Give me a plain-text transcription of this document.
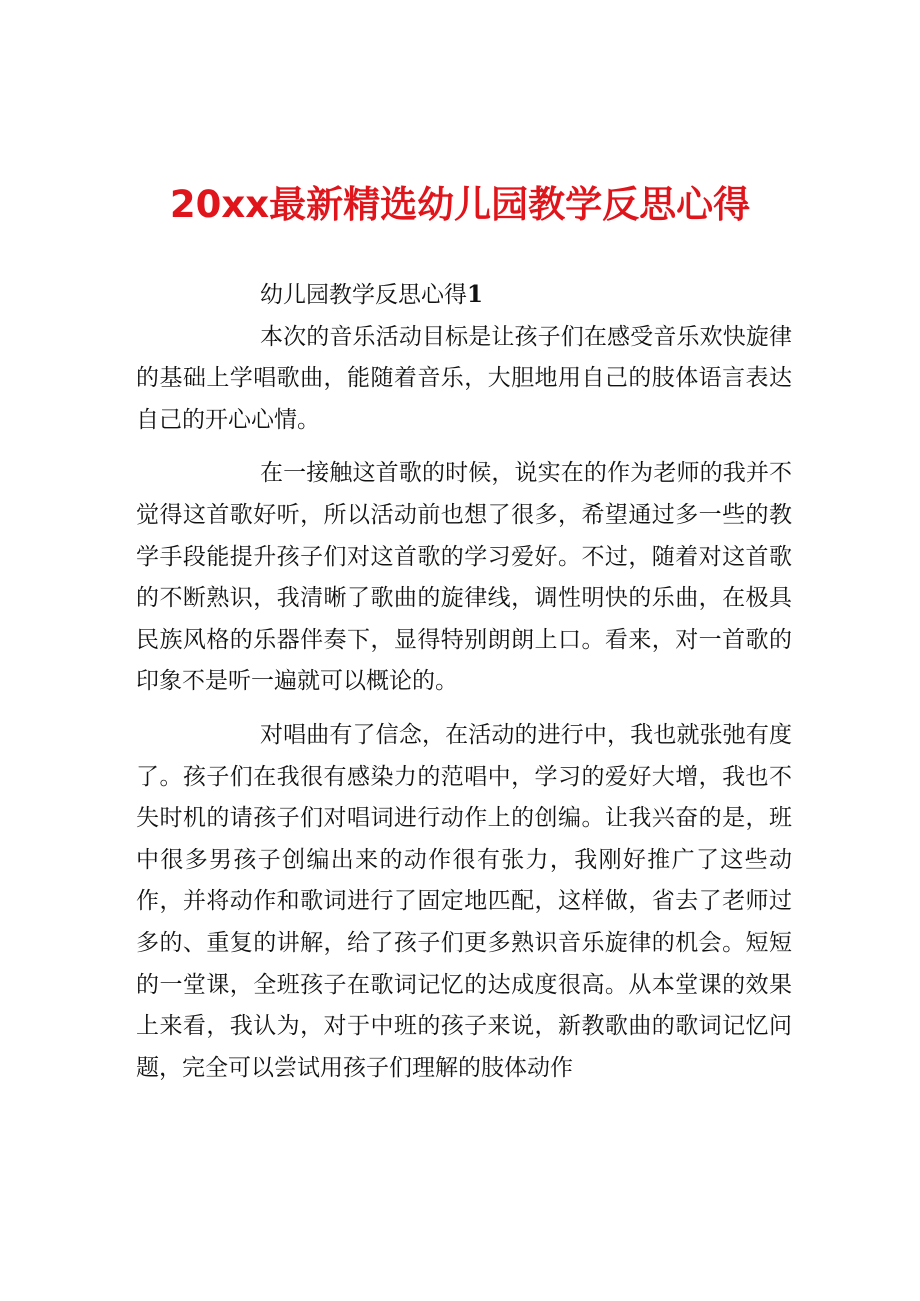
20xx最新精选幼儿园教学反思心得
幼儿园教学反思心得1

本次的音乐活动目标是让孩子们在感受音乐欢快旋律的基础上学唱歌曲，能随着音乐，大胆地用自己的肢体语言表达自己的开心心情。

在一接触这首歌的时候，说实在的作为老师的我并不觉得这首歌好听，所以活动前也想了很多，希望通过多一些的教学手段能提升孩子们对这首歌的学习爱好。不过，随着对这首歌的不断熟识，我清晰了歌曲的旋律线，调性明快的乐曲，在极具民族风格的乐器伴奏下，显得特别朗朗上口。看来，对一首歌的印象不是听一遍就可以概论的。

对唱曲有了信念，在活动的进行中，我也就张弛有度了。孩子们在我很有感染力的范唱中，学习的爱好大增，我也不失时机的请孩子们对唱词进行动作上的创编。让我兴奋的是，班中很多男孩子创编出来的动作很有张力，我刚好推广了这些动作，并将动作和歌词进行了固定地匹配，这样做，省去了老师过多的、重复的讲解，给了孩子们更多熟识音乐旋律的机会。短短的一堂课，全班孩子在歌词记忆的达成度很高。从本堂课的效果上来看，我认为，对于中班的孩子来说，新教歌曲的歌词记忆问题，完全可以尝试用孩子们理解的肢体动作
